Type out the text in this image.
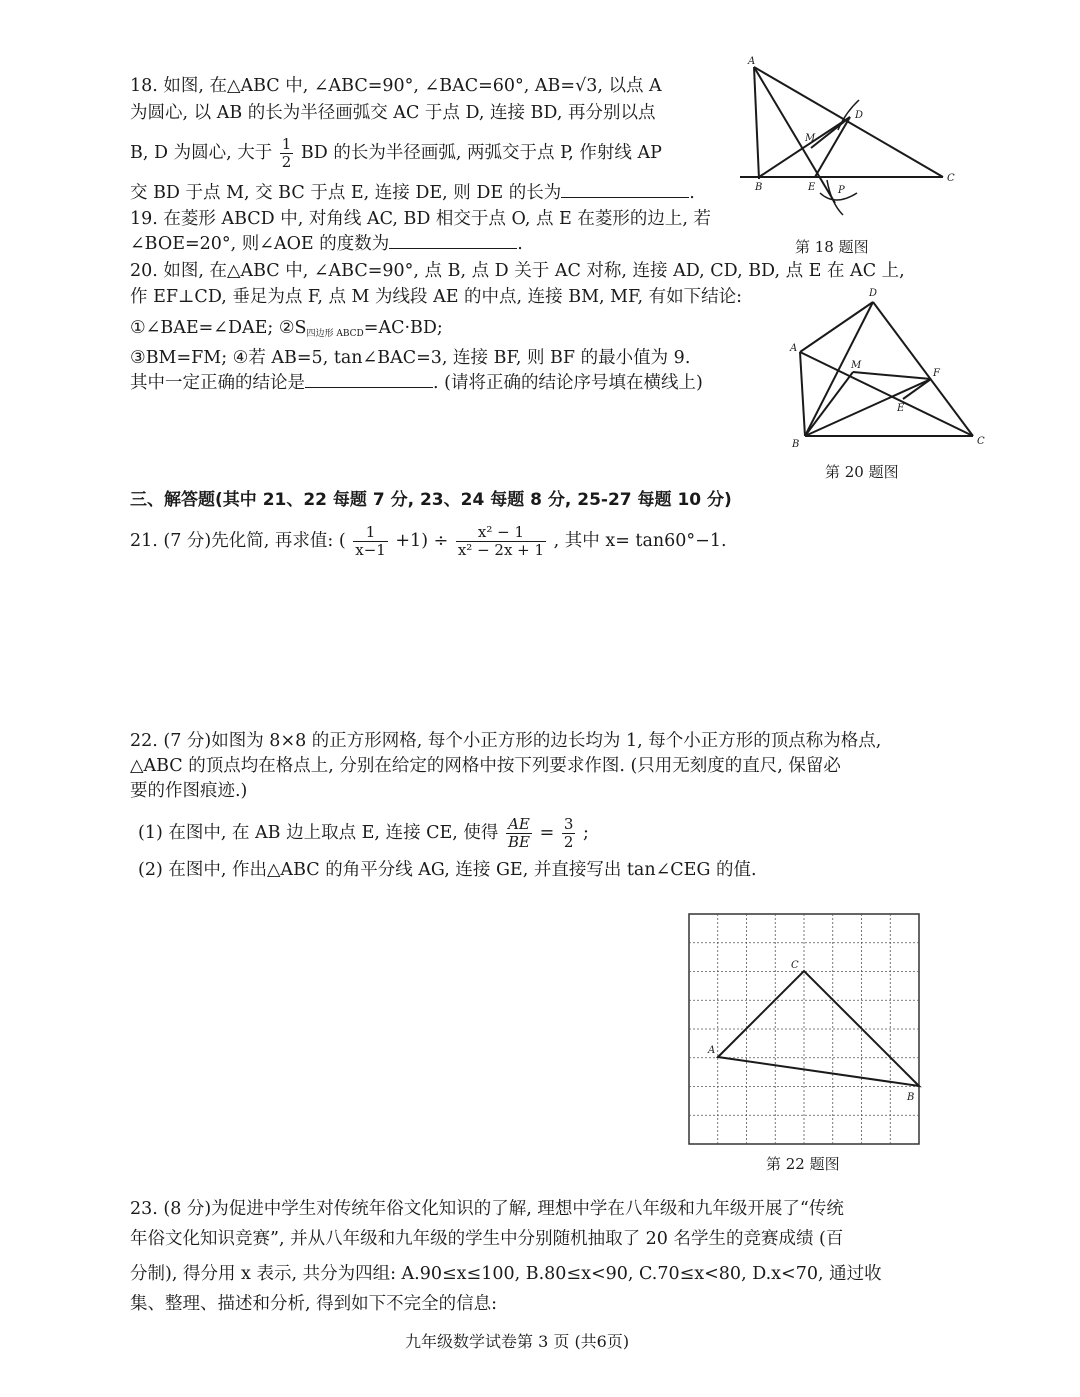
18. 如图, 在△ABC 中, ∠ABC=90°, ∠BAC=60°, AB=√3, 以点 A
为圆心, 以 AB 的长为半径画弧交 AC 于点 D, 连接 BD, 再分别以点
B, D 为圆心, 大于 $\frac{1}{2}$ BD 的长为半径画弧, 两弧交于点 P, 作射线 AP
交 BD 于点 M, 交 BC 于点 E, 连接 DE, 则 DE 的长为	.
A
B
C
D
M
E P
第 18 题图
19. 在菱形 ABCD 中, 对角线 AC, BD 相交于点 O, 点 E 在菱形的边上, 若
∠BOE=20°, 则∠AOE 的度数为	.
20. 如图, 在△ABC 中, ∠ABC=90°, 点 B, 点 D 关于 AC 对称, 连接 AD, CD, BD, 点 E 在 AC 上,
作 EF⊥CD, 垂足为点 F, 点 M 为线段 AE 的中点, 连接 BM, MF, 有如下结论:
①∠BAE=∠DAE; $②S_{四边形 ABCD}=AC\cdot BD$;
③BM=FM; ④若 AB=5, tan∠BAC=3, 连接 BF, 则 BF 的最小值为 9.
其中一定正确的结论是	. (请将正确的结论序号填在横线上)
A
B	C
D
M
E
F
第 20 题图
三、解答题(其中 21、22 每题 7 分, 23、24 每题 8 分, 25-27 每题 10 分)
21. (7 分)先化简, 再求值: ( $\frac{1}{x-1} +1) \div \frac{\text{x² − 1}}{\text{x² − 2x + 1}}$ , 其中 x= tan60°−1.
22. (7 分)如图为 8×8 的正方形网格, 每个小正方形的边长均为 1, 每个小正方形的顶点称为格点,
△ABC 的顶点均在格点上, 分别在给定的网格中按下列要求作图. (只用无刻度的直尺, 保留必
要的作图痕迹.)
(1) 在图中, 在 AB 边上取点 E, 连接 CE, 使得 $\frac{AE}{BE} = \frac{3}{2}$ ;
(2) 在图中, 作出△ABC 的角平分线 AG, 连接 GE, 并直接写出 tan∠CEG 的值.
A
B
C
第 22 题图
23. (8 分)为促进中学生对传统年俗文化知识的了解, 理想中学在八年级和九年级开展了“传统
年俗文化知识竞赛”, 并从八年级和九年级的学生中分别随机抽取了 20 名学生的竞赛成绩 (百
分制), 得分用 x 表示, 共分为四组: A.90≤x≤100, B.80≤x<90, C.70≤x<80, D.x<70, 通过收
集、整理、描述和分析, 得到如下不完全的信息:
九年级数学试卷第 3 页 (共6页)
